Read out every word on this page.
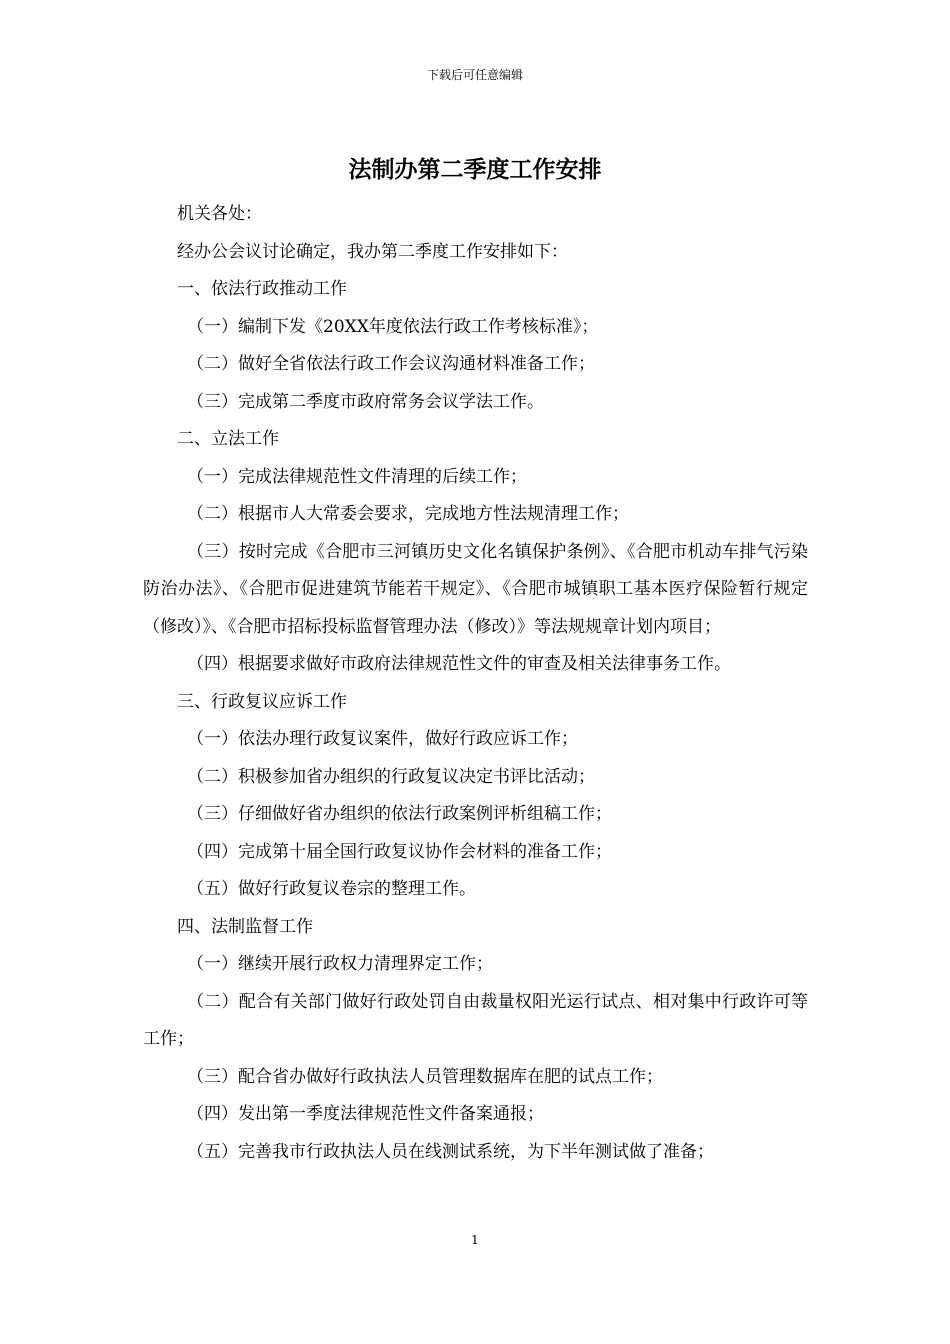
下载后可任意编辑
法制办第二季度工作安排

机关各处：

经办公会议讨论确定，我办第二季度工作安排如下：

一、依法行政推动工作

（一）编制下发《20XX年度依法行政工作考核标准》；

（二）做好全省依法行政工作会议沟通材料准备工作；

（三）完成第二季度市政府常务会议学法工作。

二、立法工作

（一）完成法律规范性文件清理的后续工作；

（二）根据市人大常委会要求，完成地方性法规清理工作；

（三）按时完成《合肥市三河镇历史文化名镇保护条例》、《合肥市机动车排气污染防治办法》、《合肥市促进建筑节能若干规定》、《合肥市城镇职工基本医疗保险暂行规定（修改）》、《合肥市招标投标监督管理办法（修改）》等法规规章计划内项目；

（四）根据要求做好市政府法律规范性文件的审查及相关法律事务工作。

三、行政复议应诉工作

（一）依法办理行政复议案件，做好行政应诉工作；

（二）积极参加省办组织的行政复议决定书评比活动；

（三）仔细做好省办组织的依法行政案例评析组稿工作；

（四）完成第十届全国行政复议协作会材料的准备工作；

（五）做好行政复议卷宗的整理工作。

四、法制监督工作

（一）继续开展行政权力清理界定工作；

（二）配合有关部门做好行政处罚自由裁量权阳光运行试点、相对集中行政许可等工作；

（三）配合省办做好行政执法人员管理数据库在肥的试点工作；

（四）发出第一季度法律规范性文件备案通报；

（五）完善我市行政执法人员在线测试系统，为下半年测试做了准备；

1
